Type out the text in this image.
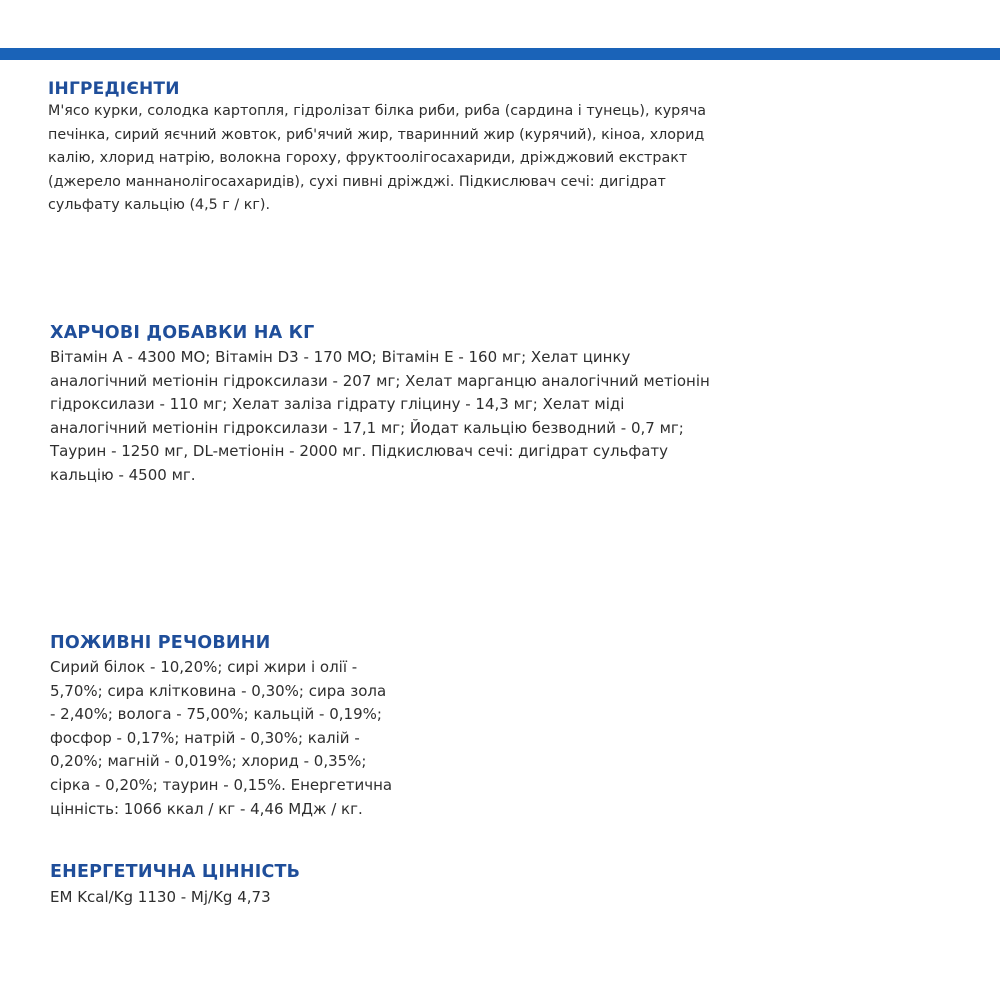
ІНГРЕДІЄНТИ

М'ясо курки, солодка картопля, гідролізат білка риби, риба (сардина і тунець), куряча печінка, сирий яєчний жовток, риб'ячий жир, тваринний жир (курячий), кіноа, хлорид калію, хлорид натрію, волокна гороху, фруктоолігосахариди, дріжджовий екстракт (джерело маннанолігосахаридів), сухі пивні дріжджі. Підкислювач сечі: дигідрат сульфату кальцію (4,5 г / кг).

ХАРЧОВІ ДОБАВКИ НА КГ

Вітамін А - 4300 МО; Вітамін D3 - 170 МО; Вітамін Е - 160 мг; Хелат цинку аналогічний метіонін гідроксилази - 207 мг; Хелат марганцю аналогічний метіонін гідроксилази - 110 мг; Хелат заліза гідрату гліцину - 14,3 мг; Хелат міді аналогічний метіонін гідроксилази - 17,1 мг; Йодат кальцію безводний - 0,7 мг; Таурин - 1250 мг, DL-метіонін - 2000 мг. Підкислювач сечі: дигідрат сульфату кальцію - 4500 мг.

ПОЖИВНІ РЕЧОВИНИ

Сирий білок - 10,20%; сирі жири і олії - 5,70%; сира клітковина - 0,30%; сира зола - 2,40%; волога - 75,00%; кальцій - 0,19%; фосфор - 0,17%; натрій - 0,30%; калій - 0,20%; магній - 0,019%; хлорид - 0,35%; сірка - 0,20%; таурин - 0,15%. Енергетична цінність: 1066 ккал / кг - 4,46 МДж / кг.

ЕНЕРГЕТИЧНА ЦІННІСТЬ

EM Kcal/Kg 1130 - Mj/Kg 4,73
